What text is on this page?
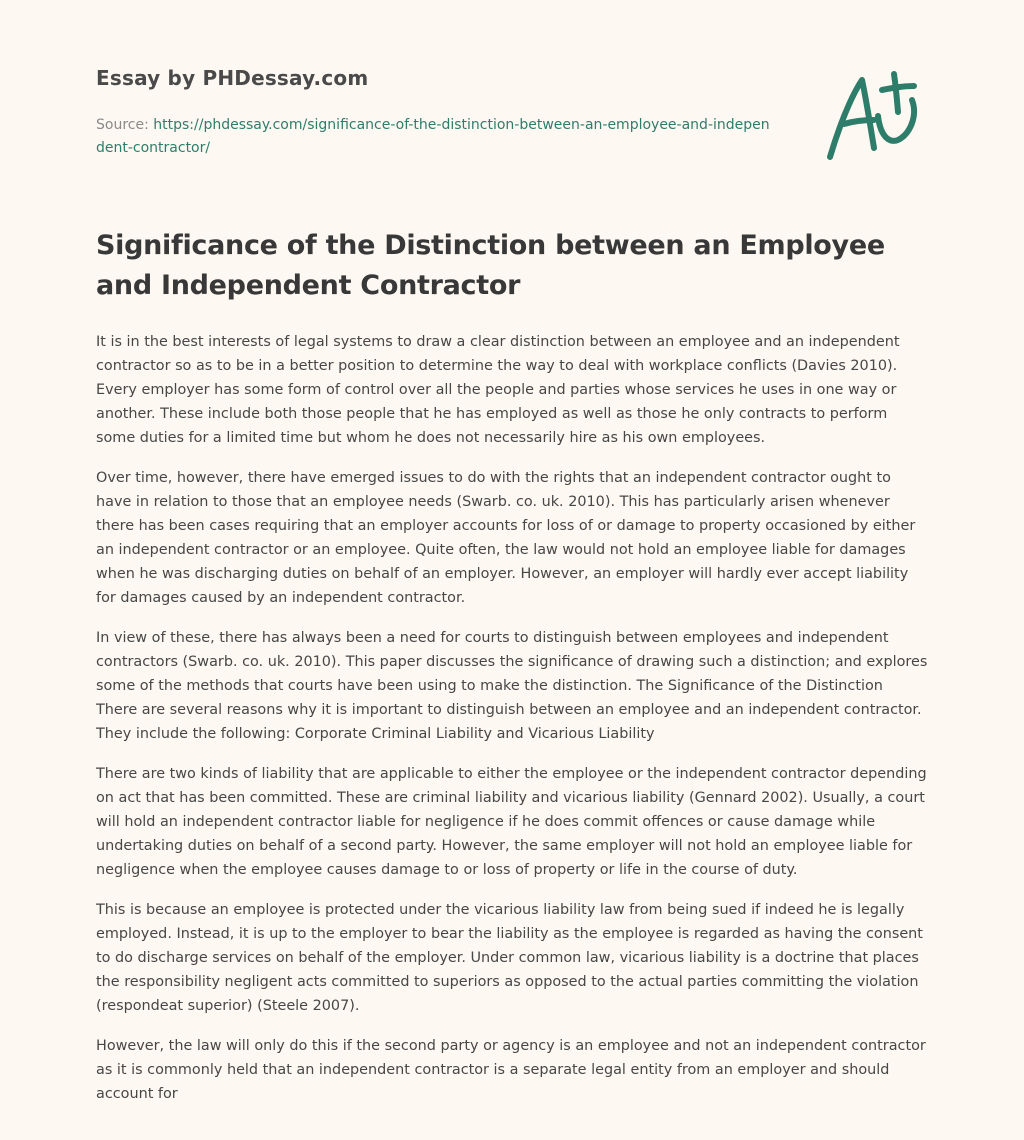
Essay by PHDessay.com
Source: https://phdessay.com/significance-of-the-distinction-between-an-employee-and-independent-contractor/
Significance of the Distinction between an Employee and Independent Contractor

It is in the best interests of legal systems to draw a clear distinction between an employee and an independent contractor so as to be in a better position to determine the way to deal with workplace conflicts (Davies 2010). Every employer has some form of control over all the people and parties whose services he uses in one way or another. These include both those people that he has employed as well as those he only contracts to perform some duties for a limited time but whom he does not necessarily hire as his own employees.

Over time, however, there have emerged issues to do with the rights that an independent contractor ought to have in relation to those that an employee needs (Swarb. co. uk. 2010). This has particularly arisen whenever there has been cases requiring that an employer accounts for loss of or damage to property occasioned by either an independent contractor or an employee. Quite often, the law would not hold an employee liable for damages when he was discharging duties on behalf of an employer. However, an employer will hardly ever accept liability for damages caused by an independent contractor.

In view of these, there has always been a need for courts to distinguish between employees and independent contractors (Swarb. co. uk. 2010). This paper discusses the significance of drawing such a distinction; and explores some of the methods that courts have been using to make the distinction. The Significance of the Distinction There are several reasons why it is important to distinguish between an employee and an independent contractor. They include the following: Corporate Criminal Liability and Vicarious Liability

There are two kinds of liability that are applicable to either the employee or the independent contractor depending on act that has been committed. These are criminal liability and vicarious liability (Gennard 2002). Usually, a court will hold an independent contractor liable for negligence if he does commit offences or cause damage while undertaking duties on behalf of a second party. However, the same employer will not hold an employee liable for negligence when the employee causes damage to or loss of property or life in the course of duty.

This is because an employee is protected under the vicarious liability law from being sued if indeed he is legally employed. Instead, it is up to the employer to bear the liability as the employee is regarded as having the consent to do discharge services on behalf of the employer. Under common law, vicarious liability is a doctrine that places the responsibility negligent acts committed to superiors as opposed to the actual parties committing the violation (respondeat superior) (Steele 2007).

However, the law will only do this if the second party or agency is an employee and not an independent contractor as it is commonly held that an independent contractor is a separate legal entity from an employer and should account for
